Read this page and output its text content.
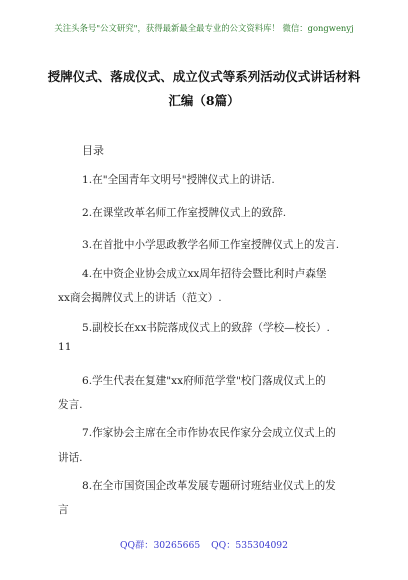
关注头条号"公文研究"，获得最新最全最专业的公文资料库！ 微信：gongwenyj
授牌仪式、落成仪式、成立仪式等系列活动仪式讲话材料
汇编（8篇）
目录
1.在"全国青年文明号"授牌仪式上的讲话.
2.在课堂改革名师工作室授牌仪式上的致辞.
3.在首批中小学思政教学名师工作室授牌仪式上的发言.
4.在中资企业协会成立xx周年招待会暨比利时卢森堡
xx商会揭牌仪式上的讲话（范文）.
5.副校长在xx书院落成仪式上的致辞（学校—校长）.
11
6.学生代表在复建"xx府师范学堂"校门落成仪式上的
发言.
7.作家协会主席在全市作协农民作家分会成立仪式上的
讲话.
8.在全市国资国企改革发展专题研讨班结业仪式上的发
言
QQ群：30265665 QQ：535304092
